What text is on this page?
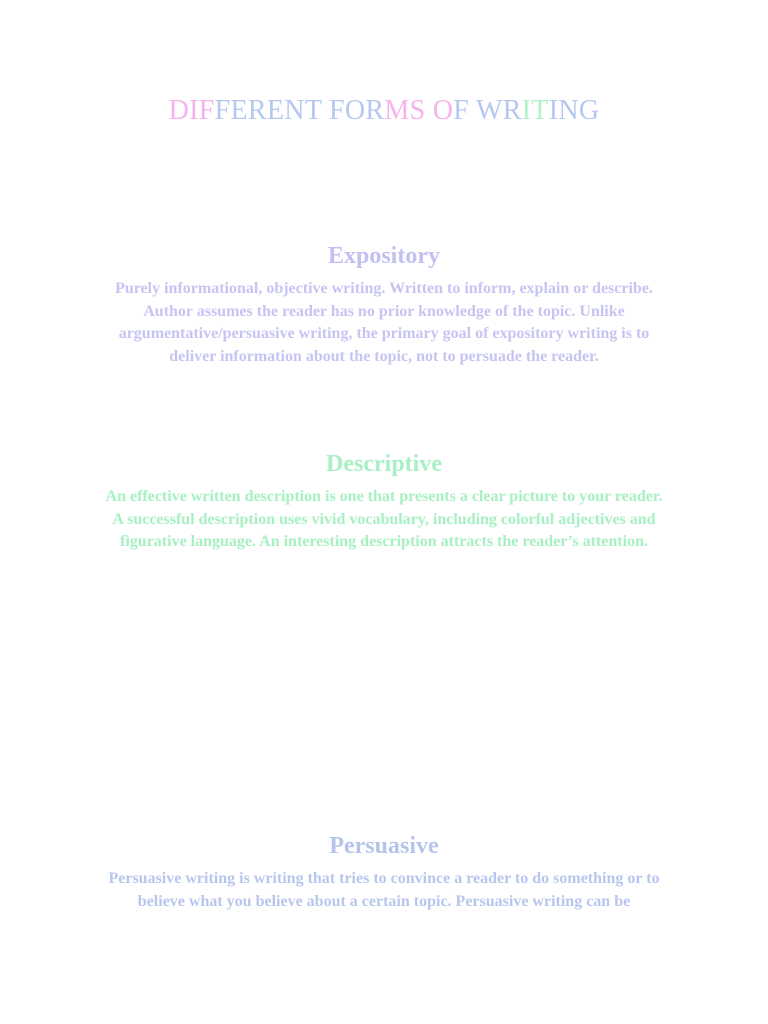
DIFFERENT FORMS OF WRITING
Expository

Purely informational, objective writing. Written to inform, explain or describe. Author assumes the reader has no prior knowledge of the topic. Unlike argumentative/persuasive writing, the primary goal of expository writing is to deliver information about the topic, not to persuade the reader.

Descriptive

An effective written description is one that presents a clear picture to your reader. A successful description uses vivid vocabulary, including colorful adjectives and figurative language. An interesting description attracts the reader’s attention.

Persuasive

Persuasive writing is writing that tries to convince a reader to do something or to believe what you believe about a certain topic. Persuasive writing can be
